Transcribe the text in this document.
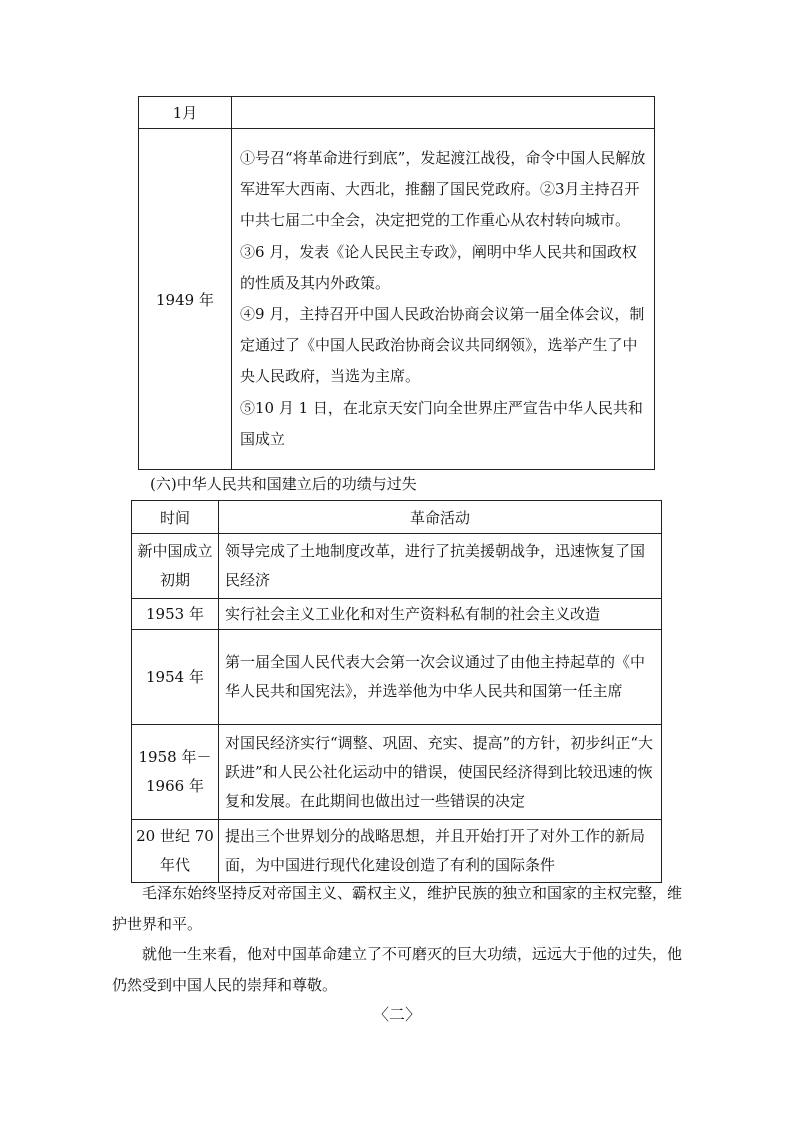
1月	
1949 年	①号召“将革命进行到底”，发起渡江战役，命令中国人民解放军进军大西南、大西北，推翻了国民党政府。②3月主持召开中共七届二中全会，决定把党的工作重心从农村转向城市。
③6 月，发表《论人民民主专政》，阐明中华人民共和国政权的性质及其内外政策。
④9 月，主持召开中国人民政治协商会议第一届全体会议，制定通过了《中国人民政治协商会议共同纲领》，选举产生了中央人民政府，当选为主席。
⑤10 月 1 日，在北京天安门向全世界庄严宣告中华人民共和国成立
(六)中华人民共和国建立后的功绩与过失
时间	革命活动
新中国成立初期	领导完成了土地制度改革，进行了抗美援朝战争，迅速恢复了国民经济
1953 年	实行社会主义工业化和对生产资料私有制的社会主义改造
1954 年	第一届全国人民代表大会第一次会议通过了由他主持起草的《中华人民共和国宪法》，并选举他为中华人民共和国第一任主席
1958 年－1966 年	对国民经济实行“调整、巩固、充实、提高”的方针，初步纠正“大跃进”和人民公社化运动中的错误，使国民经济得到比较迅速的恢复和发展。在此期间也做出过一些错误的决定
20 世纪 70 年代	提出三个世界划分的战略思想，并且开始打开了对外工作的新局面，为中国进行现代化建设创造了有利的国际条件
毛泽东始终坚持反对帝国主义、霸权主义，维护民族的独立和国家的主权完整，维护世界和平。
就他一生来看，他对中国革命建立了不可磨灭的巨大功绩，远远大于他的过失，他仍然受到中国人民的崇拜和尊敬。
〈二〉
